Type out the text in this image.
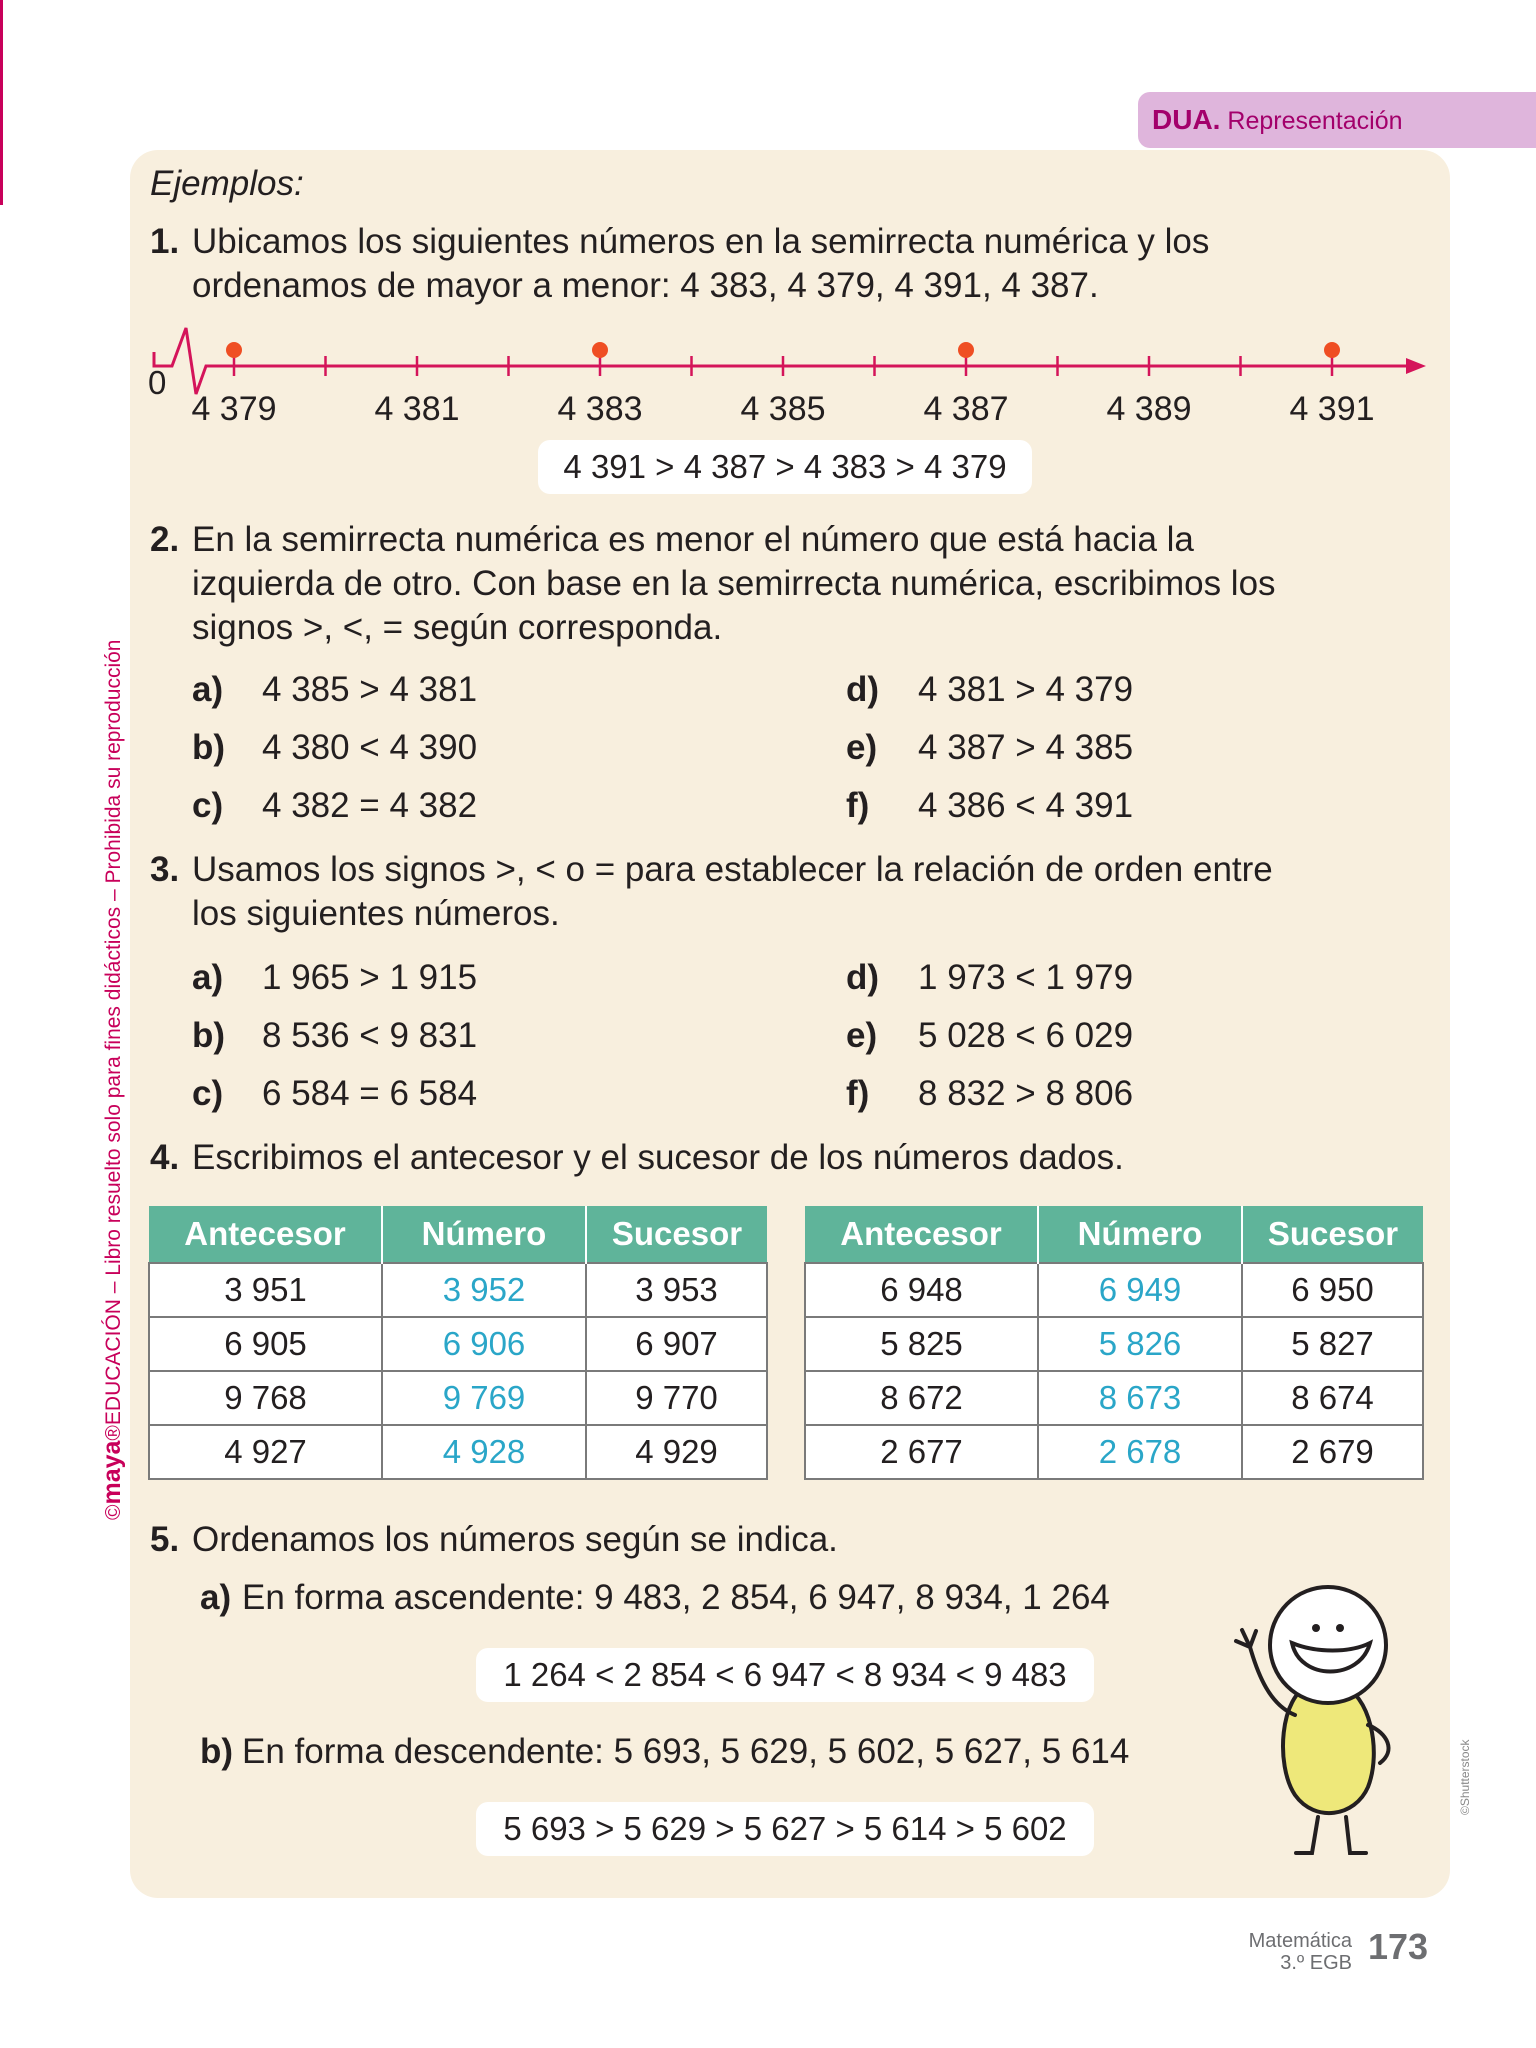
©maya®EDUCACIÓN – Libro resuelto solo para fines didácticos – Prohibida su reproducción
DUA. Representación
Ejemplos:
1. Ubicamos los siguientes números en la semirrecta numérica y los
ordenamos de mayor a menor: 4 383, 4 379, 4 391, 4 387.
4 379	4 381	4 383	4 385	4 387	4 389	4 391
0
4 391 > 4 387 > 4 383 > 4 379
2. En la semirrecta numérica es menor el número que está hacia la
izquierda de otro. Con base en la semirrecta numérica, escribimos los
signos >, <, = según corresponda.
a) 4 385 > 4 381
b) 4 380 < 4 390
c) 4 382 = 4 382
d) 4 381 > 4 379
e) 4 387 > 4 385
f) 4 386 < 4 391
3. Usamos los signos >, < o = para establecer la relación de orden entre
los siguientes números.
a) 1 965 > 1 915
b) 8 536 < 9 831
c) 6 584 = 6 584
d) 1 973 < 1 979
e) 5 028 < 6 029
f) 8 832 > 8 806
4. Escribimos el antecesor y el sucesor de los números dados.
Antecesor	Número	Sucesor
3 951	3 952	3 953
6 905	6 906	6 907
9 768	9 769	9 770
4 927	4 928	4 929
Antecesor	Número	Sucesor
6 948	6 949	6 950
5 825	5 826	5 827
8 672	8 673	8 674
2 677	2 678	2 679
5. Ordenamos los números según se indica.
a) En forma ascendente: 9 483, 2 854, 6 947, 8 934, 1 264
1 264 < 2 854 < 6 947 < 8 934 < 9 483
b) En forma descendente: 5 693, 5 629, 5 602, 5 627, 5 614
5 693 > 5 629 > 5 627 > 5 614 > 5 602
©Shutterstock
Matemática
3.º EGB 173
